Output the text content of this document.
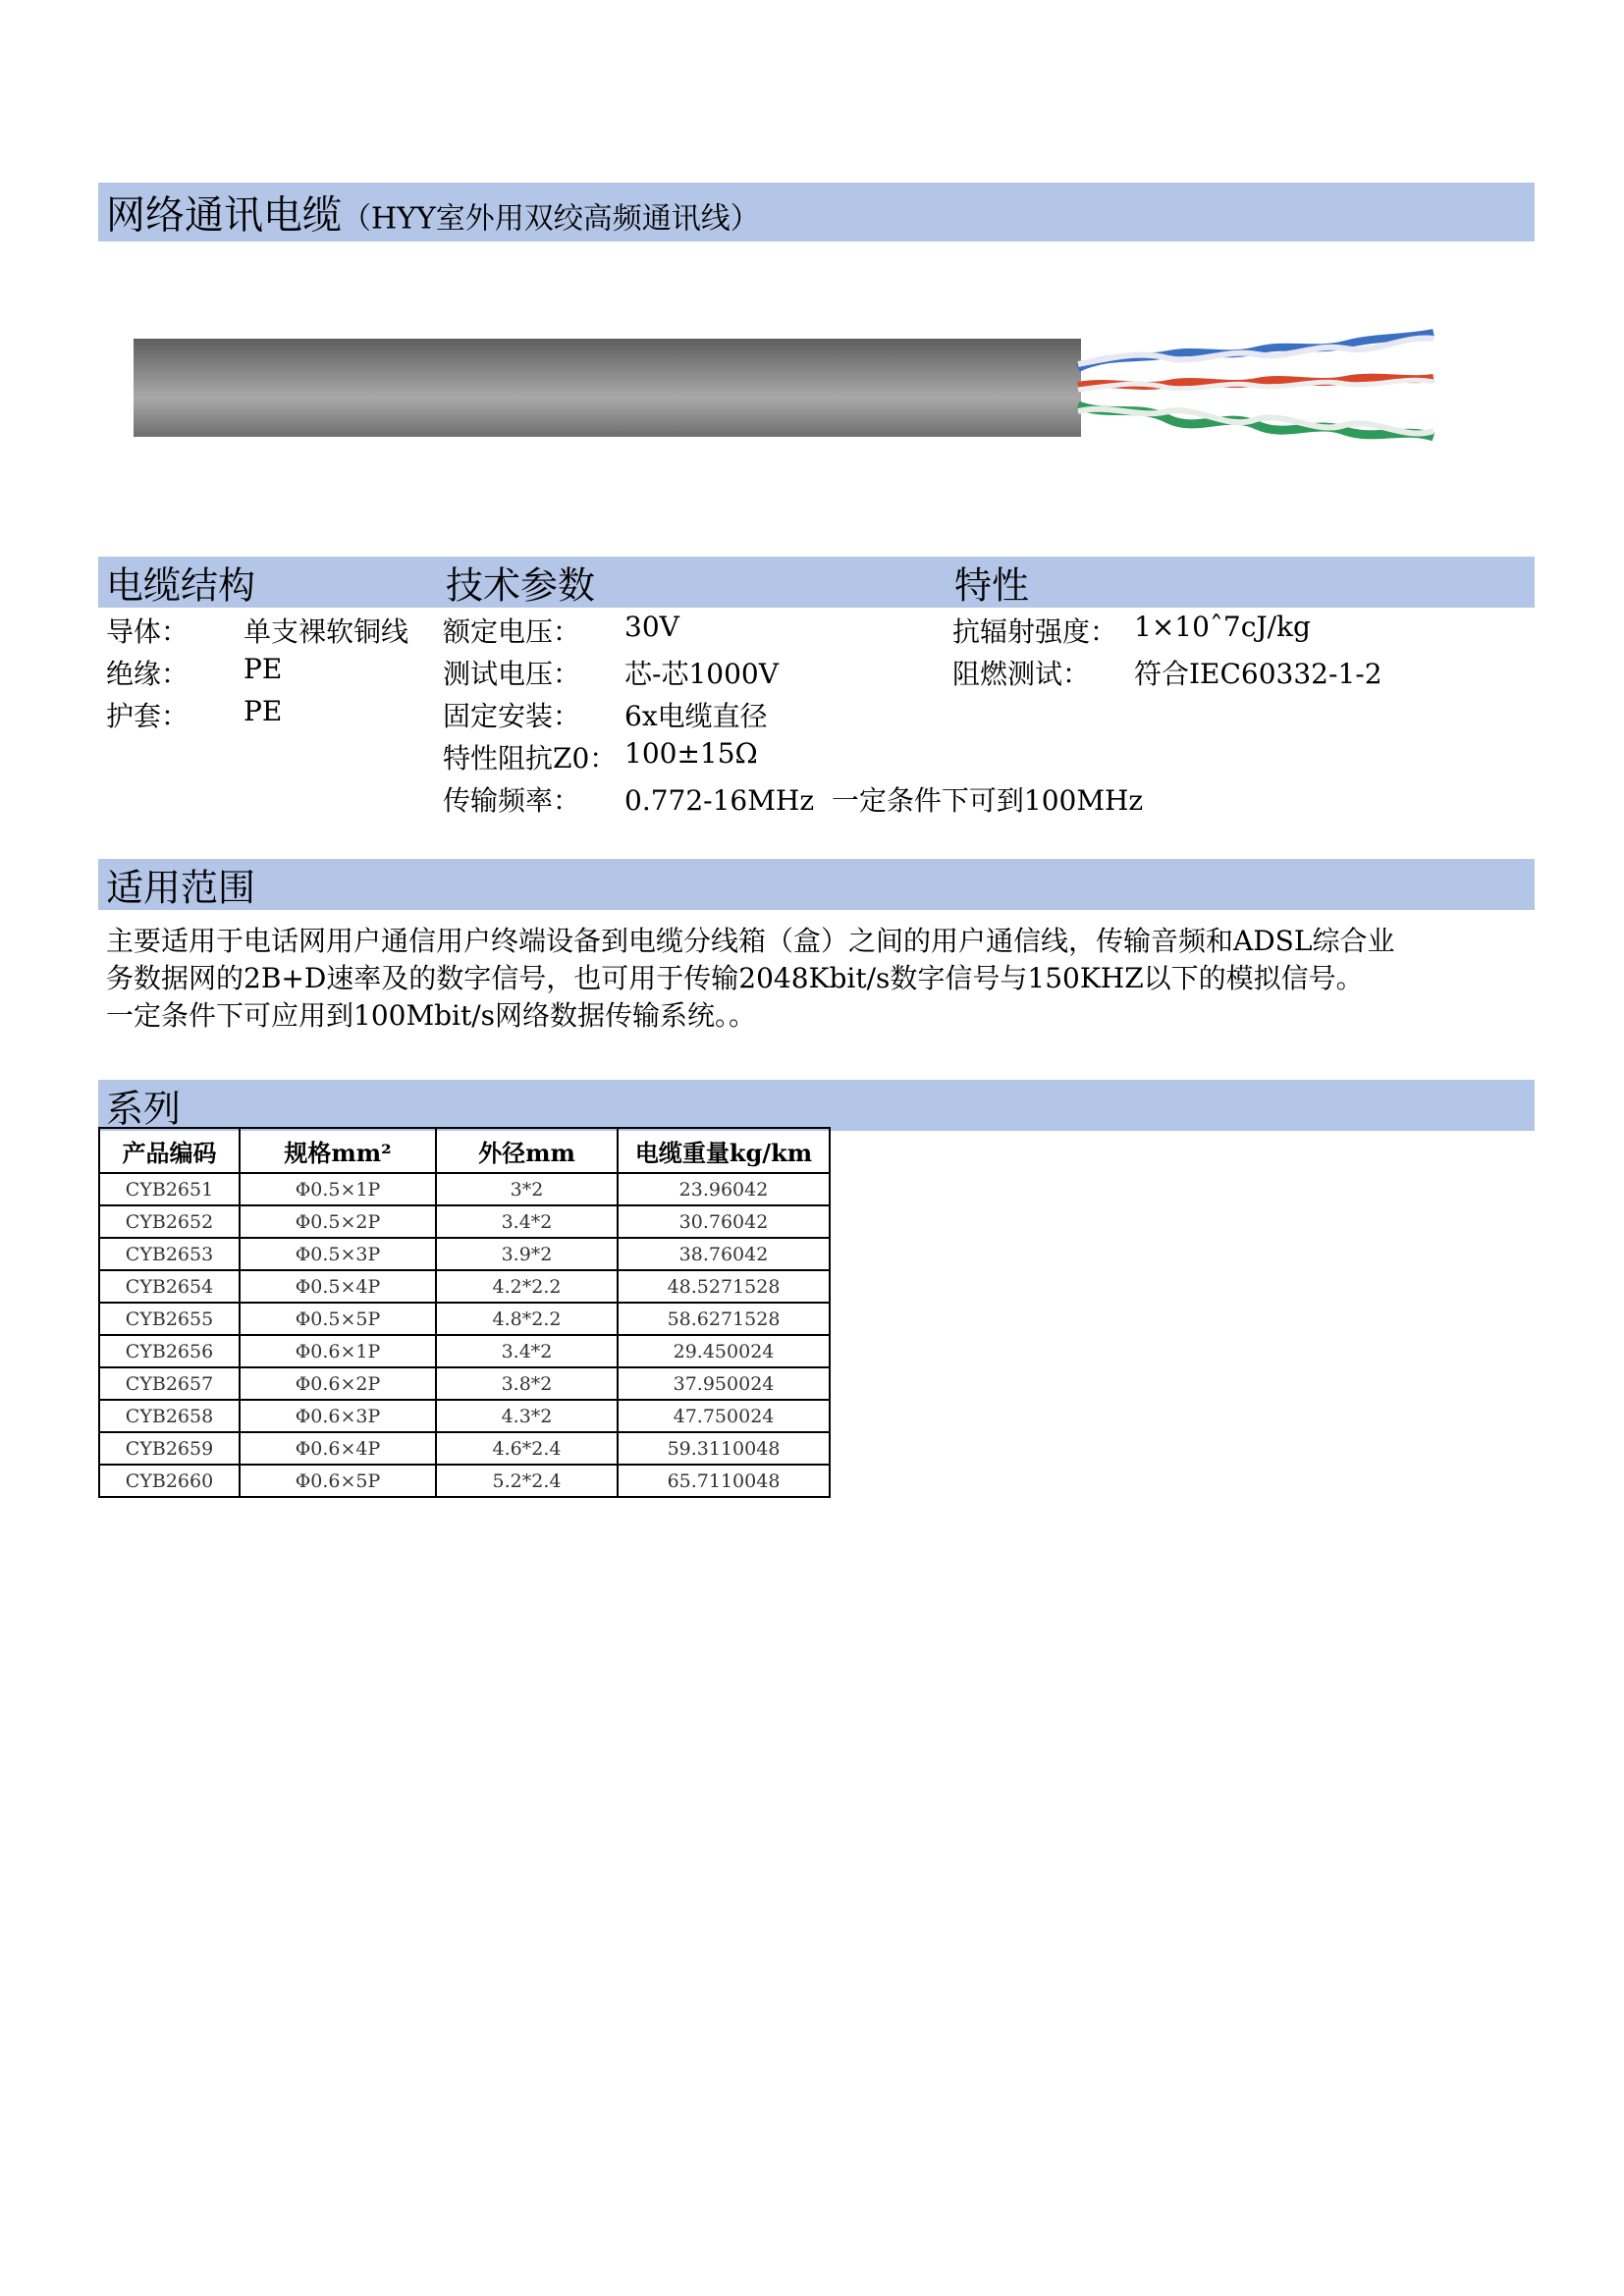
网络通讯电缆（HYY室外用双绞高频通讯线）
电缆结构	技术参数	特性
导体： 单支裸软铜线
绝缘： PE
护套： PE
额定电压： 30V
测试电压： 芯-芯1000V
固定安装： 6x电缆直径
特性阻抗Z0： 100±15Ω
传输频率： 0.772-16MHz  一定条件下可到100MHz
抗辐射强度： 1×10ˆ7cJ/kg
阻燃测试： 符合IEC60332-1-2
适用范围
主要适用于电话网用户通信用户终端设备到电缆分线箱（盒）之间的用户通信线，传输音频和ADSL综合业
务数据网的2B+D速率及的数字信号，也可用于传输2048Kbit/s数字信号与150KHZ以下的模拟信号。
一定条件下可应用到100Mbit/s网络数据传输系统。。
系列
产品编码	规格mm²	外径mm	电缆重量kg/km
CYB2651	Φ0.5×1P	3*2	23.96042
CYB2652	Φ0.5×2P	3.4*2	30.76042
CYB2653	Φ0.5×3P	3.9*2	38.76042
CYB2654	Φ0.5×4P	4.2*2.2	48.5271528
CYB2655	Φ0.5×5P	4.8*2.2	58.6271528
CYB2656	Φ0.6×1P	3.4*2	29.450024
CYB2657	Φ0.6×2P	3.8*2	37.950024
CYB2658	Φ0.6×3P	4.3*2	47.750024
CYB2659	Φ0.6×4P	4.6*2.4	59.3110048
CYB2660	Φ0.6×5P	5.2*2.4	65.7110048
